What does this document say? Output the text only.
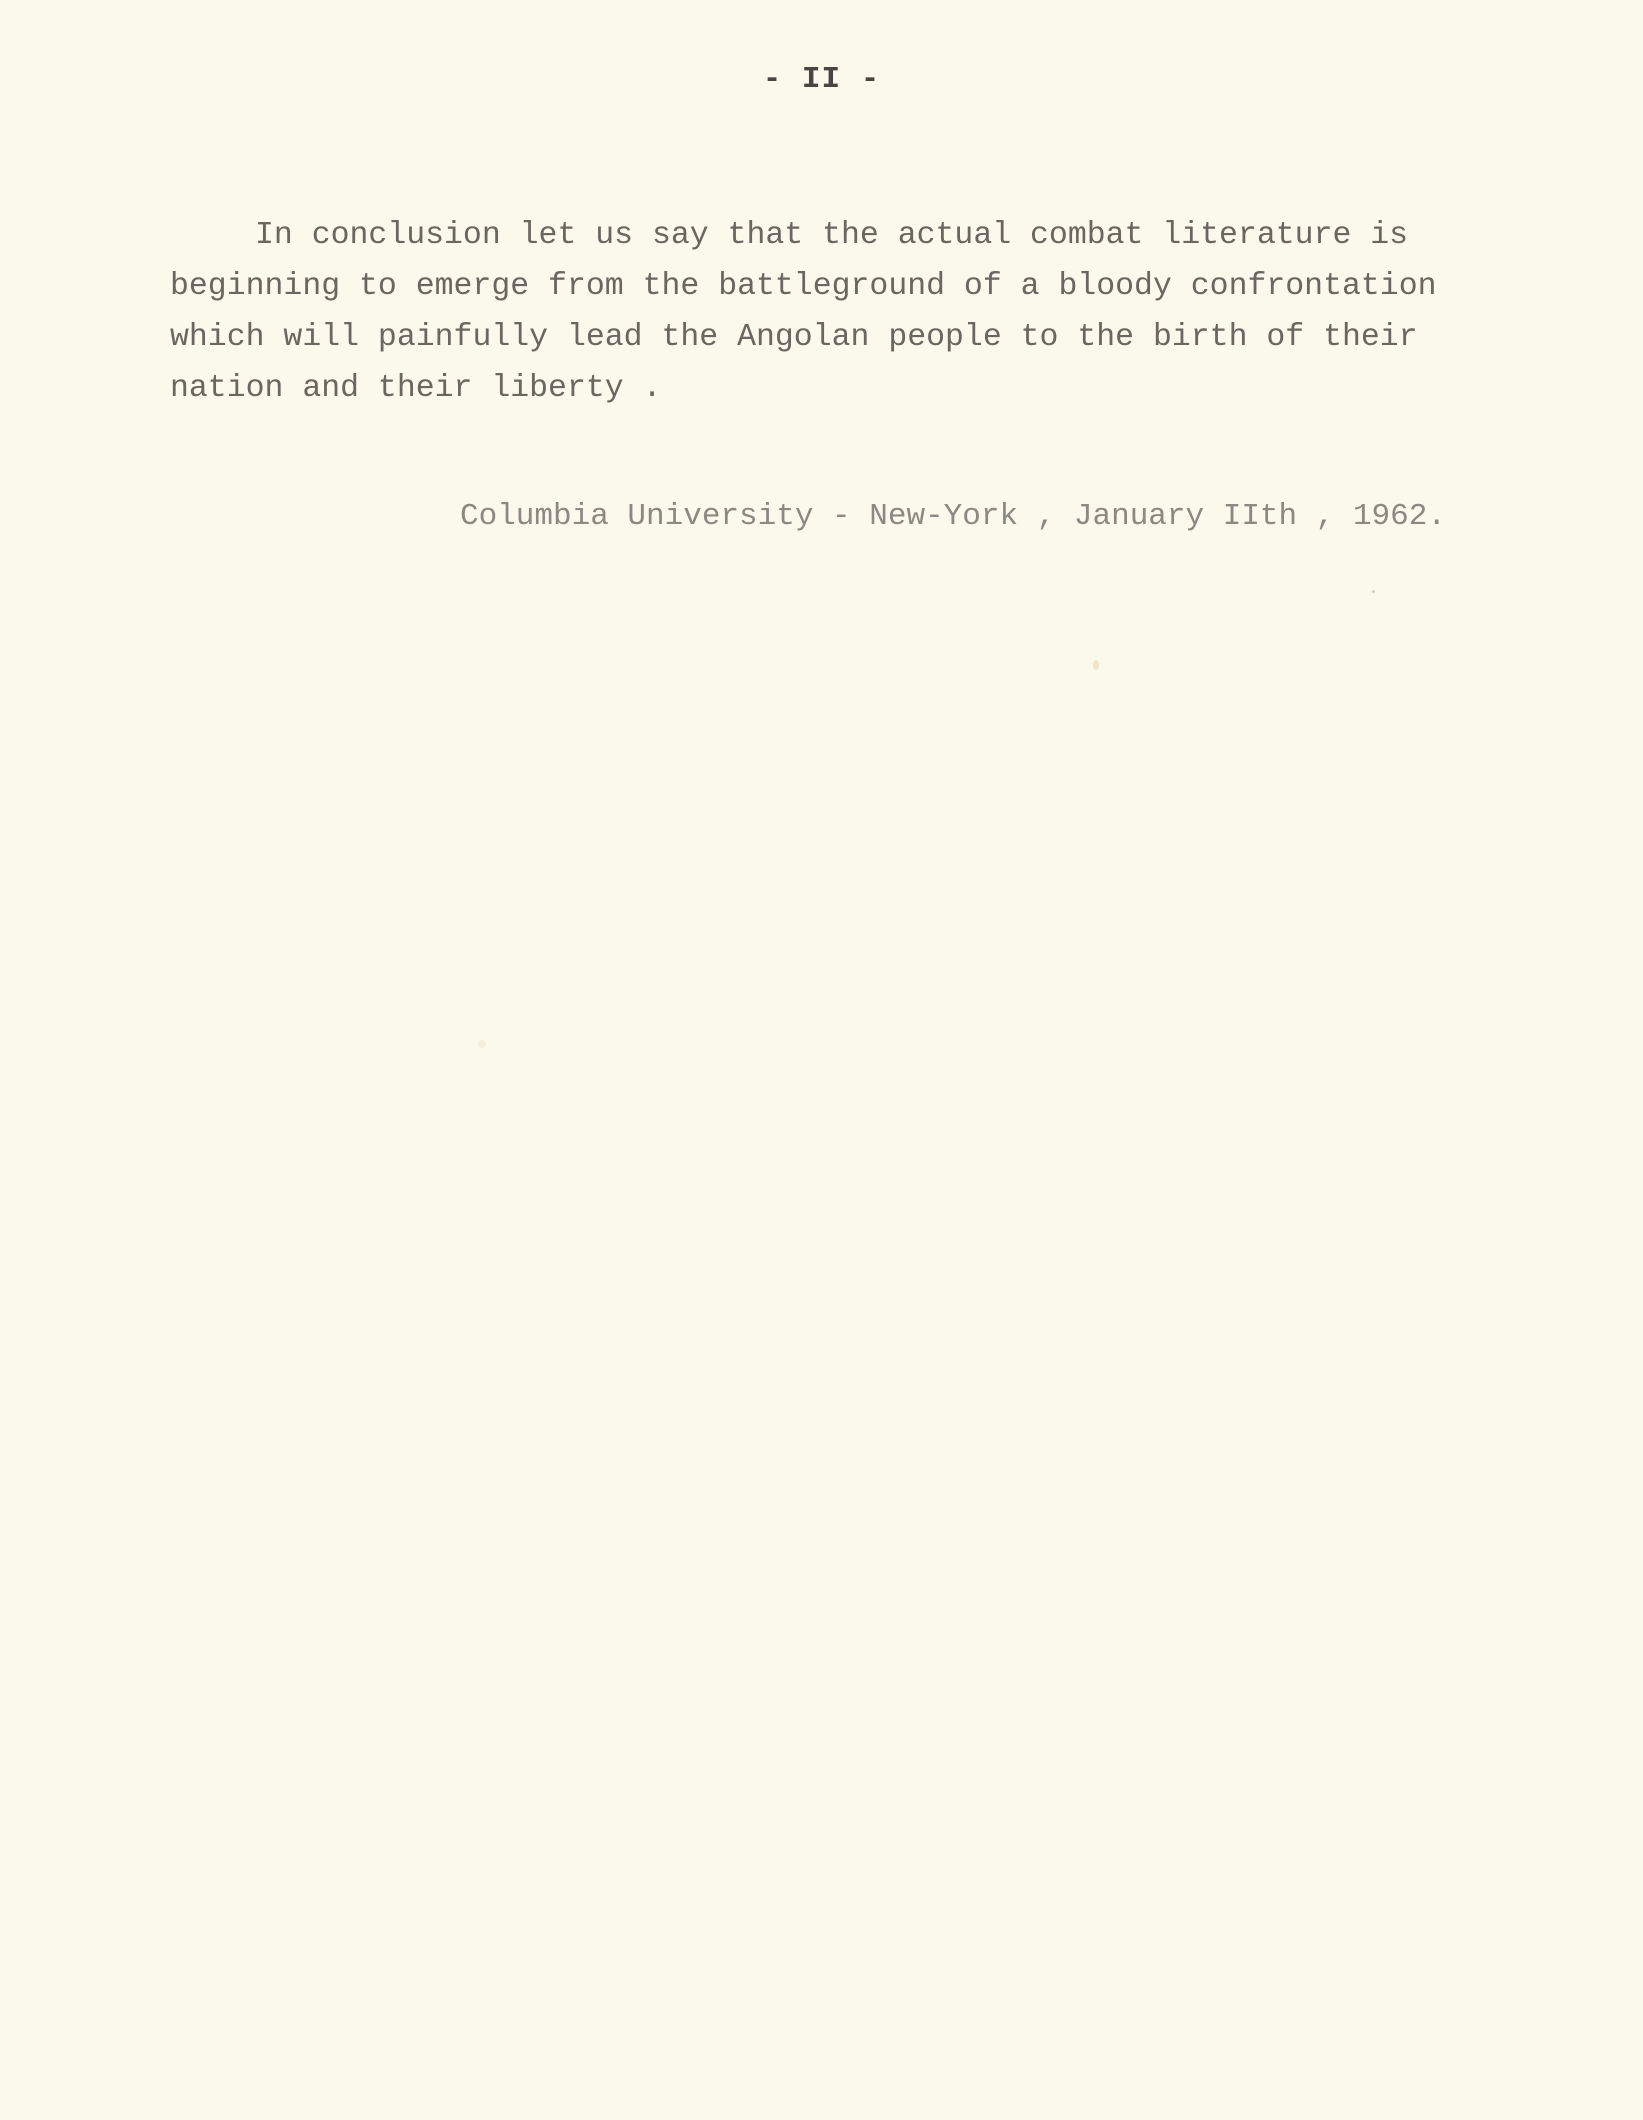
- II -
In conclusion let us say that the actual combat literature is
beginning to emerge from the battleground of a bloody confrontation
which will painfully lead the Angolan people to the birth of their
nation and their liberty .
Columbia University - New-York , January IIth , 1962.
